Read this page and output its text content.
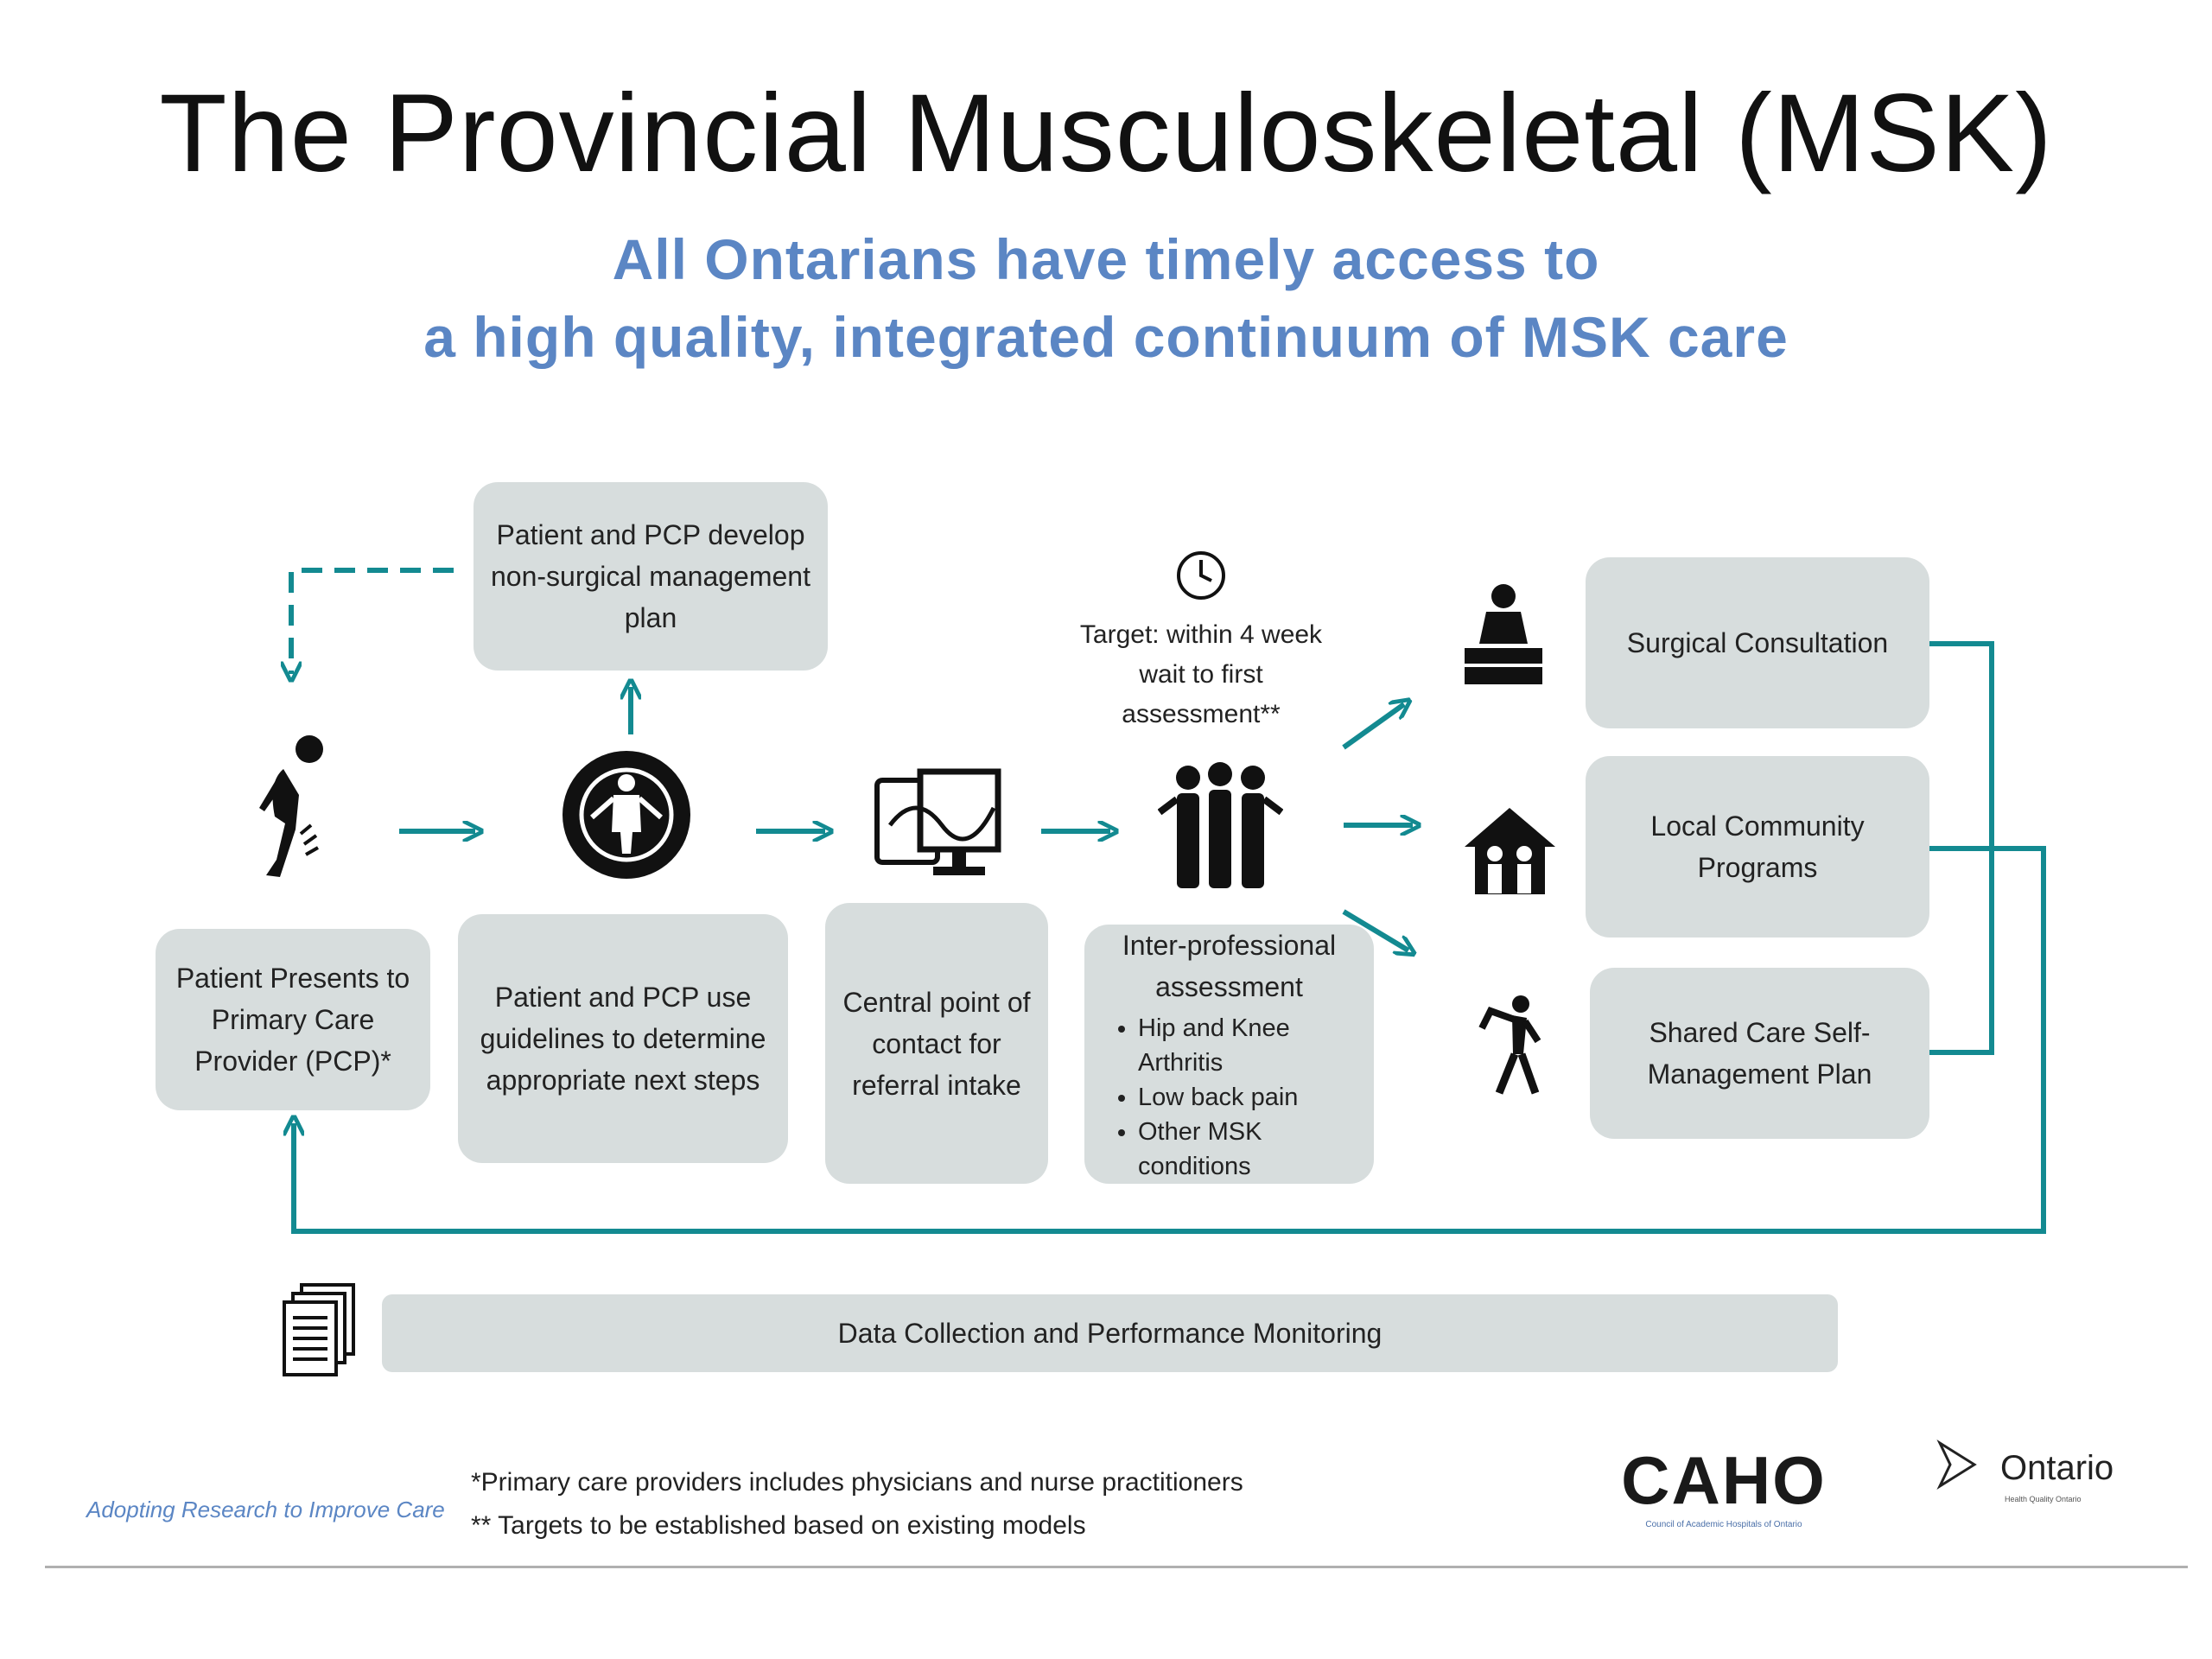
The Provincial Musculoskeletal (MSK)
All Ontarians have timely access to
a high quality, integrated continuum of MSK care
Patient and PCP develop non-surgical management plan
Patient Presents to Primary Care Provider (PCP)*
Patient and PCP use guidelines to determine appropriate next steps
Central point of contact for referral intake
Inter-professional assessment
• Hip and Knee Arthritis
• Low back pain
• Other MSK conditions
Surgical Consultation
Local Community Programs
Shared Care Self-Management Plan
Data Collection and Performance Monitoring
Target: within 4 week wait to first assessment**
Adopting Research to Improve Care
*Primary care providers includes physicians and nurse practitioners
** Targets to be established based on existing models
CAHO
Council of Academic Hospitals of Ontario
Ontario
Health Quality Ontario
